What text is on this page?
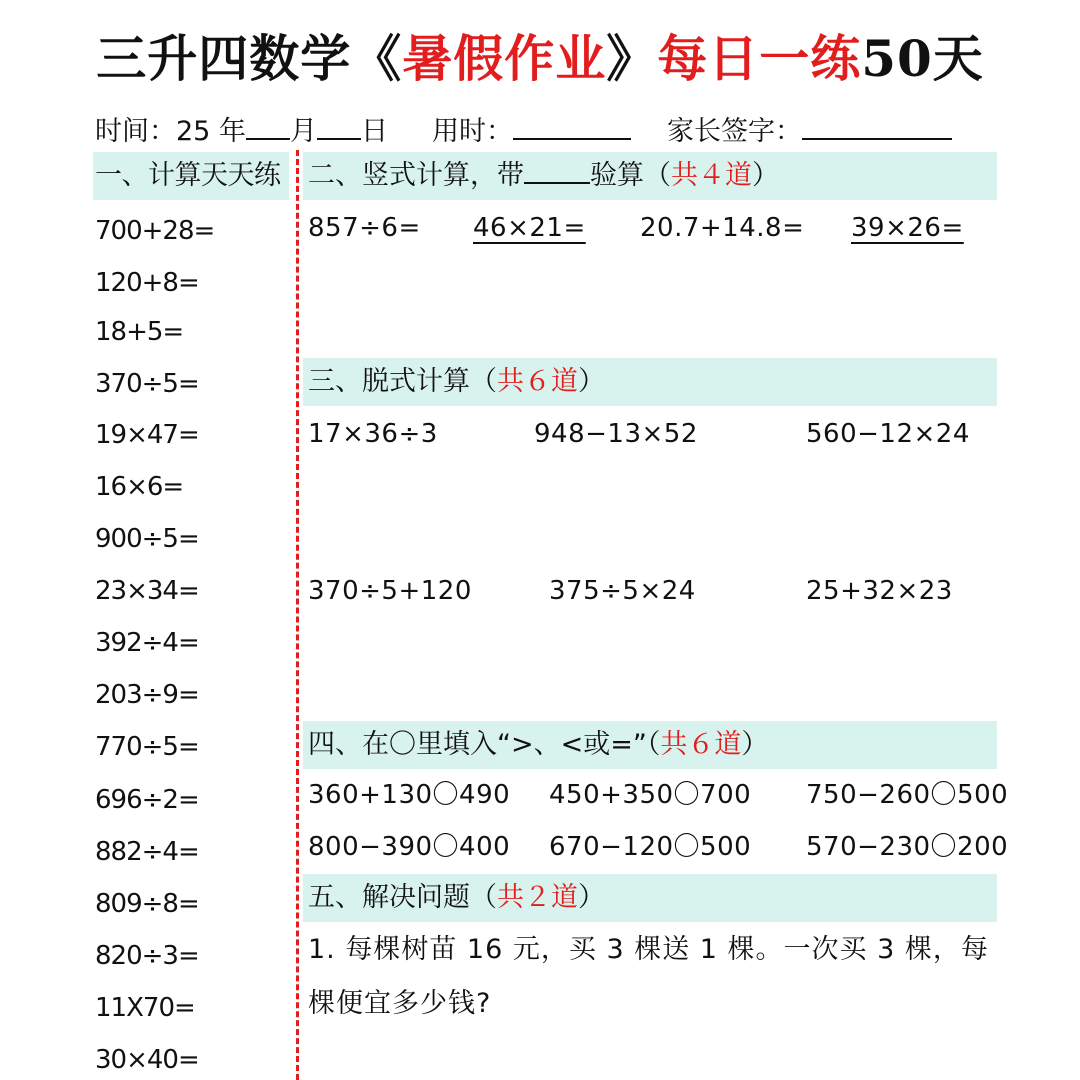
三升四数学《暑假作业》每日一练50天
时间：25 年 月 日 用时：	家长签字：
一、计算天天练
700+28=
120+8=
18+5=
370÷5=
19×47=
16×6=
900÷5=
23×34=
392÷4=
203÷9=
770÷5=
696÷2=
882÷4=
809÷8=
820÷3=
11X70=
30×40=
二、竖式计算，带 验算（共４道）
857÷6= 46×21= 20.7+14.8= 39×26=
三、脱式计算（共６道）
17×36÷3	948−13×52	560−12×24
370÷5+120	375÷5×24	25+32×23
四、在〇里填入“>、<或=”（共６道）
360+130〇490 450+350〇700 750−260〇500
800−390〇400 670−120〇500 570−230〇200
五、解决问题（共２道）
1. 每棵树苗 16 元，买 3 棵送 1 棵。一次买 3 棵，每
棵便宜多少钱?
